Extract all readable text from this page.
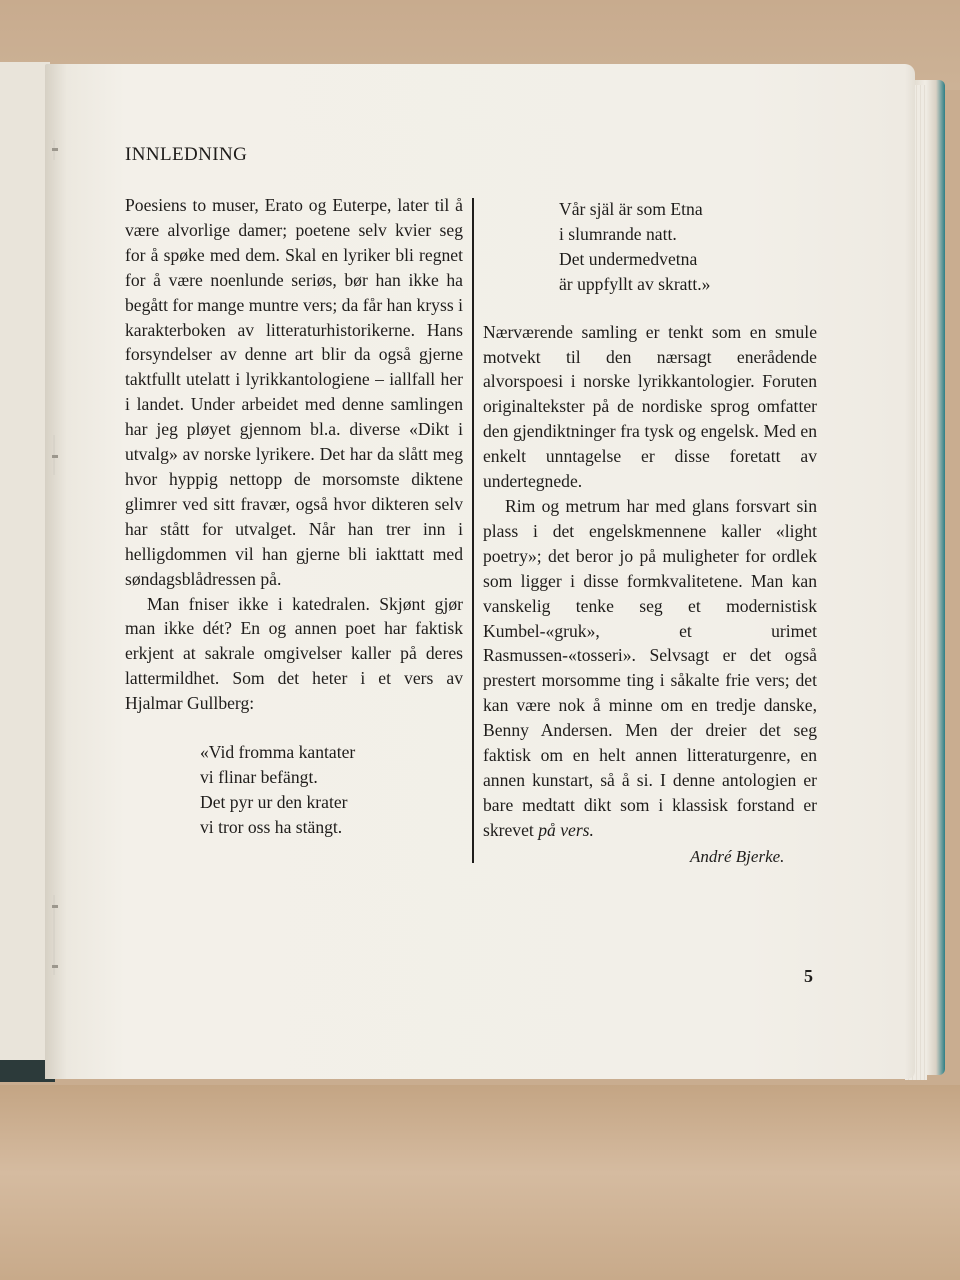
INNLEDNING

Poesiens to muser, Erato og Euterpe, later til å være alvorlige damer; poetene selv kvier seg for å spøke med dem. Skal en lyriker bli regnet for å være noenlunde seriøs, bør han ikke ha begått for mange muntre vers; da får han kryss i karakterboken av litteraturhistorikerne. Hans forsyndelser av denne art blir da også gjerne taktfullt utelatt i lyrikkantologiene – iallfall her i landet. Under arbeidet med denne samlingen har jeg pløyet gjennom bl.a. diverse «Dikt i utvalg» av norske lyrikere. Det har da slått meg hvor hyppig nettopp de morsomste diktene glimrer ved sitt fravær, også hvor dikteren selv har stått for utvalget. Når han trer inn i helligdommen vil han gjerne bli iakttatt med søndagsblådressen på.

Man fniser ikke i katedralen. Skjønt gjør man ikke dét? En og annen poet har faktisk erkjent at sakrale omgivelser kaller på deres lattermildhet. Som det heter i et vers av Hjalmar Gullberg:

«Vid fromma kantater
vi flinar befängt.
Det pyr ur den krater
vi tror oss ha stängt.
Vår själ är som Etna
i slumrande natt.
Det undermedvetna
är uppfyllt av skratt.»

Nærværende samling er tenkt som en smule motvekt til den nærsagt enerådende alvorspoesi i norske lyrikkantologier. Foruten originaltekster på de nordiske sprog omfatter den gjendiktninger fra tysk og engelsk. Med en enkelt unntagelse er disse foretatt av undertegnede.

Rim og metrum har med glans forsvart sin plass i det engelskmennene kaller «light poetry»; det beror jo på muligheter for ordlek som ligger i disse formkvalitetene. Man kan vanskelig tenke seg et modernistisk Kumbel-«gruk», et urimet Rasmussen-«tosseri». Selvsagt er det også prestert morsomme ting i såkalte frie vers; det kan være nok å minne om en tredje danske, Benny Andersen. Men der dreier det seg faktisk om en helt annen litteraturgenre, en annen kunstart, så å si. I denne antologien er bare medtatt dikt som i klassisk forstand er skrevet på vers.

André Bjerke.
5
